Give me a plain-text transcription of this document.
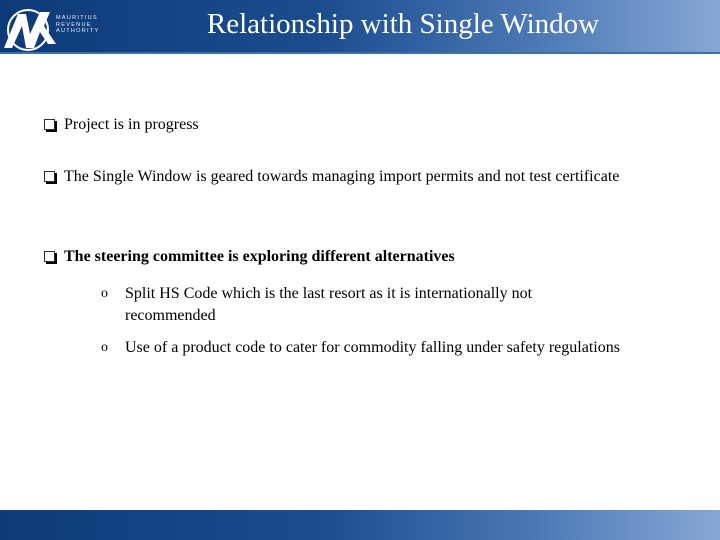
MAURITIUS
REVENUE
AUTHORITY	Relationship with Single Window
Project is in progress
The Single Window is geared towards managing import permits and not test certificate
The steering committee is exploring different alternatives
o Split HS Code which is the last resort as it is internationally not recommended
o Use of a product code to cater for commodity falling under safety regulations
